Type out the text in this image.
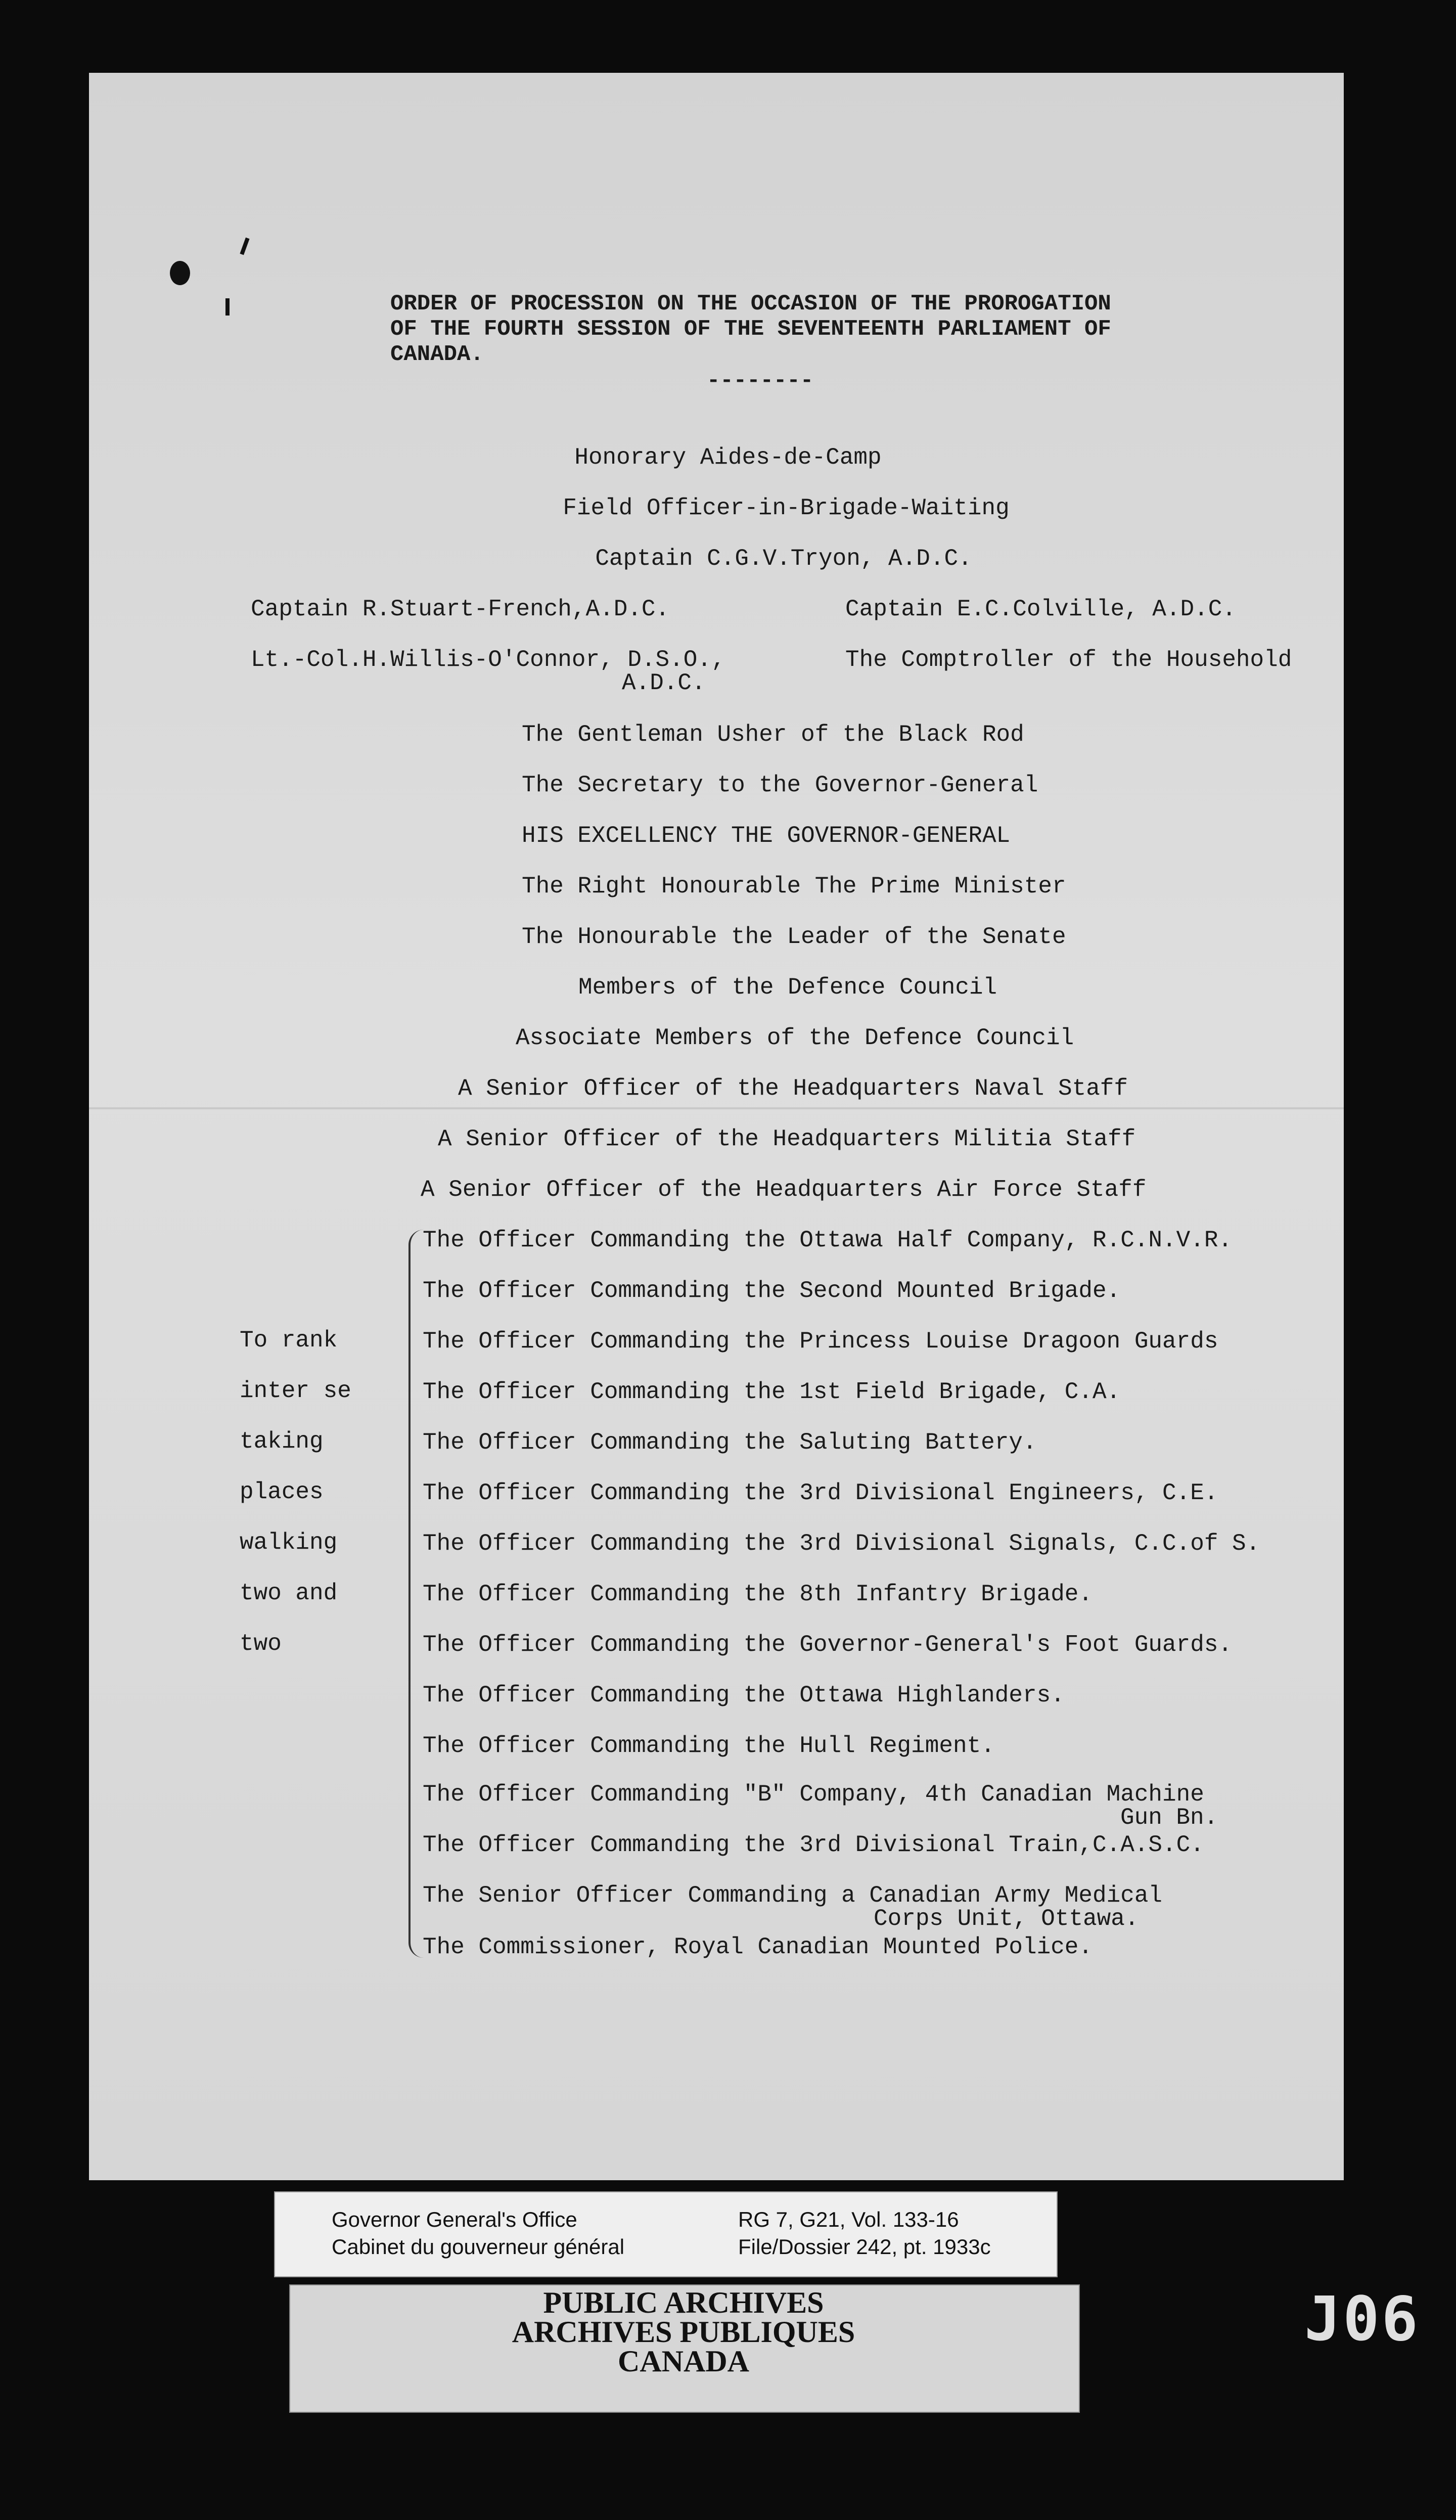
ORDER OF PROCESSION ON THE OCCASION OF THE PROROGATION
OF THE FOURTH SESSION OF THE SEVENTEENTH PARLIAMENT OF
CANADA.
--------
Honorary Aides-de-Camp
Field Officer-in-Brigade-Waiting
Captain C.G.V.Tryon, A.D.C.
Captain R.Stuart-French,A.D.C.	Captain E.C.Colville, A.D.C.
Lt.-Col.H.Willis-O'Connor, D.S.O.,
A.D.C.
The Comptroller of the Household
The Gentleman Usher of the Black Rod
The Secretary to the Governor-General
HIS EXCELLENCY THE GOVERNOR-GENERAL
The Right Honourable The Prime Minister
The Honourable the Leader of the Senate
Members of the Defence Council
Associate Members of the Defence Council
A Senior Officer of the Headquarters Naval Staff
A Senior Officer of the Headquarters Militia Staff
A Senior Officer of the Headquarters Air Force Staff
To rank
inter se
taking
places
walking
two and
two
The Officer Commanding the Ottawa Half Company, R.C.N.V.R.
The Officer Commanding the Second Mounted Brigade.
The Officer Commanding the Princess Louise Dragoon Guards
The Officer Commanding the 1st Field Brigade, C.A.
The Officer Commanding the Saluting Battery.
The Officer Commanding the 3rd Divisional Engineers, C.E.
The Officer Commanding the 3rd Divisional Signals, C.C.of S.
The Officer Commanding the 8th Infantry Brigade.
The Officer Commanding the Governor-General's Foot Guards.
The Officer Commanding the Ottawa Highlanders.
The Officer Commanding the Hull Regiment.
The Officer Commanding "B" Company, 4th Canadian Machine
Gun Bn.
The Officer Commanding the 3rd Divisional Train,C.A.S.C.
The Senior Officer Commanding a Canadian Army Medical
Corps Unit, Ottawa.
The Commissioner, Royal Canadian Mounted Police.
Governor General's Office
Cabinet du gouverneur général
RG 7, G21, Vol. 133-16
File/Dossier 242, pt. 1933c
PUBLIC ARCHIVES
ARCHIVES PUBLIQUES
CANADA
J06
